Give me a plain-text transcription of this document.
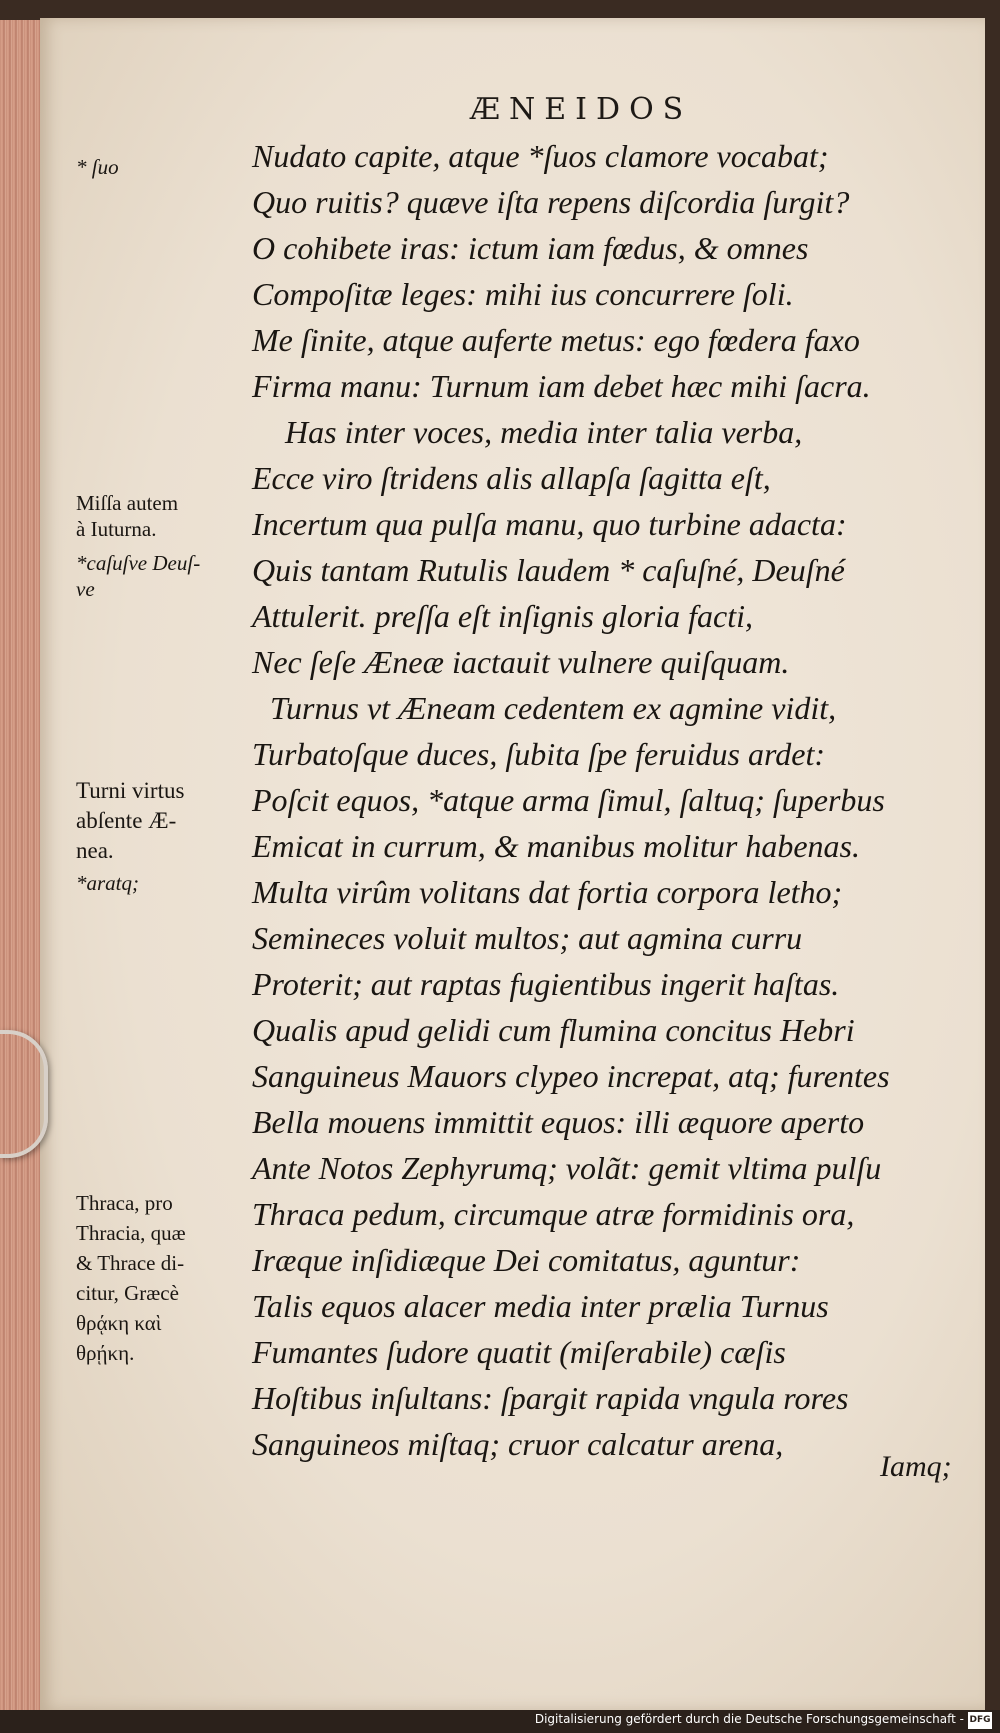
ÆNEIDOS
Nudato capite, atque *ſuos clamore vocabat;
Quo ruitis? quæve iſta repens diſcordia ſurgit?
O cohibete iras: ictum iam fœdus, & omnes
Compoſitæ leges: mihi ius concurrere ſoli.
Me ſinite, atque auferte metus: ego fœdera faxo
Firma manu: Turnum iam debet hæc mihi ſacra.
Has inter voces, media inter talia verba,
Ecce viro ſtridens alis allapſa ſagitta eſt,
Incertum qua pulſa manu, quo turbine adacta:
Quis tantam Rutulis laudem * caſuſné, Deuſné
Attulerit. preſſa eſt inſignis gloria facti,
Nec ſeſe Æneæ iactauit vulnere quiſquam.
Turnus vt Æneam cedentem ex agmine vidit,
Turbatoſque duces, ſubita ſpe feruidus ardet:
Poſcit equos, *atque arma ſimul, ſaltuq; ſuperbus
Emicat in currum, & manibus molitur habenas.
Multa virûm volitans dat fortia corpora letho;
Semineces voluit multos; aut agmina curru
Proterit; aut raptas fugientibus ingerit haſtas.
Qualis apud gelidi cum flumina concitus Hebri
Sanguineus Mauors clypeo increpat, atq; furentes
Bella mouens immittit equos: illi æquore aperto
Ante Notos Zephyrumq; volãt: gemit vltima pulſu
Thraca pedum, circumque atræ formidinis ora,
Iræque inſidiæque Dei comitatus, aguntur:
Talis equos alacer media inter prælia Turnus
Fumantes ſudore quatit (miſerabile) cæſis
Hoſtibus inſultans: ſpargit rapida vngula rores
Sanguineos miſtaq; cruor calcatur arena,
* ſuo
Miſſa autem
à Iuturna.
*caſuſve Deuſ-
ve
Turni virtus
abſente Æ-
nea.
*aratq;
Thraca, pro
Thracia, quæ
& Thrace di-
citur, Græcè
θρᾴκη καὶ
θρῄκη.
Iamq;
Digitalisierung gefördert durch die Deutsche Forschungsgemeinschaft - DFG
